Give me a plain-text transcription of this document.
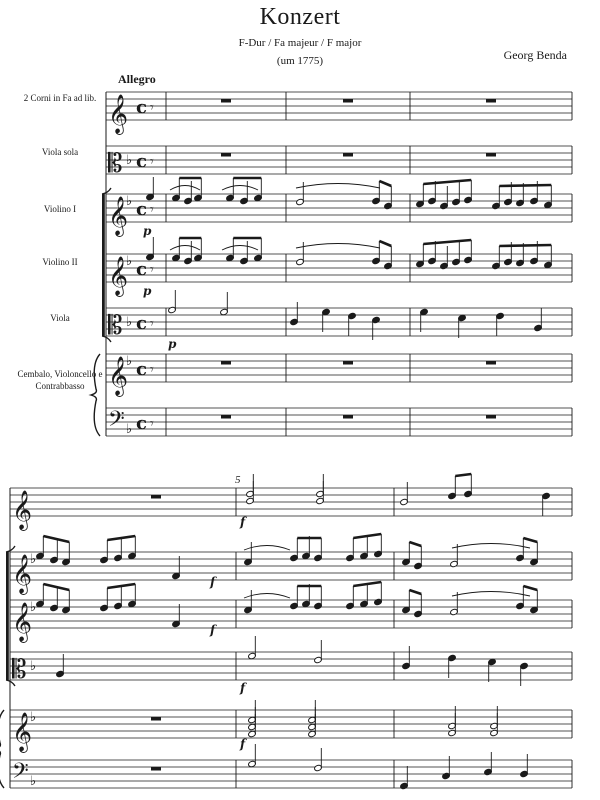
Konzert
F-Dur / Fa majeur / F major
(um 1775)	Georg Benda
Allegro
2 Corni in Fa ad lib.
Viola sola
Violino I
Violino II
Viola
Cembalo, Violoncello e Contrabbasso
5
𝄞 c 𝄾
𝄡 ♭ c 𝄾
𝄞
♭ c 𝄾
𝄞
♭ c 𝄾
𝄡 ♭ c 𝄾
𝄞
♭ c 𝄾
𝄢 ♭ c 𝄾
p
p
p
𝄞
𝄞
♭
𝄞
♭
𝄡 ♭
𝄞
♭
𝄢 ♭
f
f
f
f
f
